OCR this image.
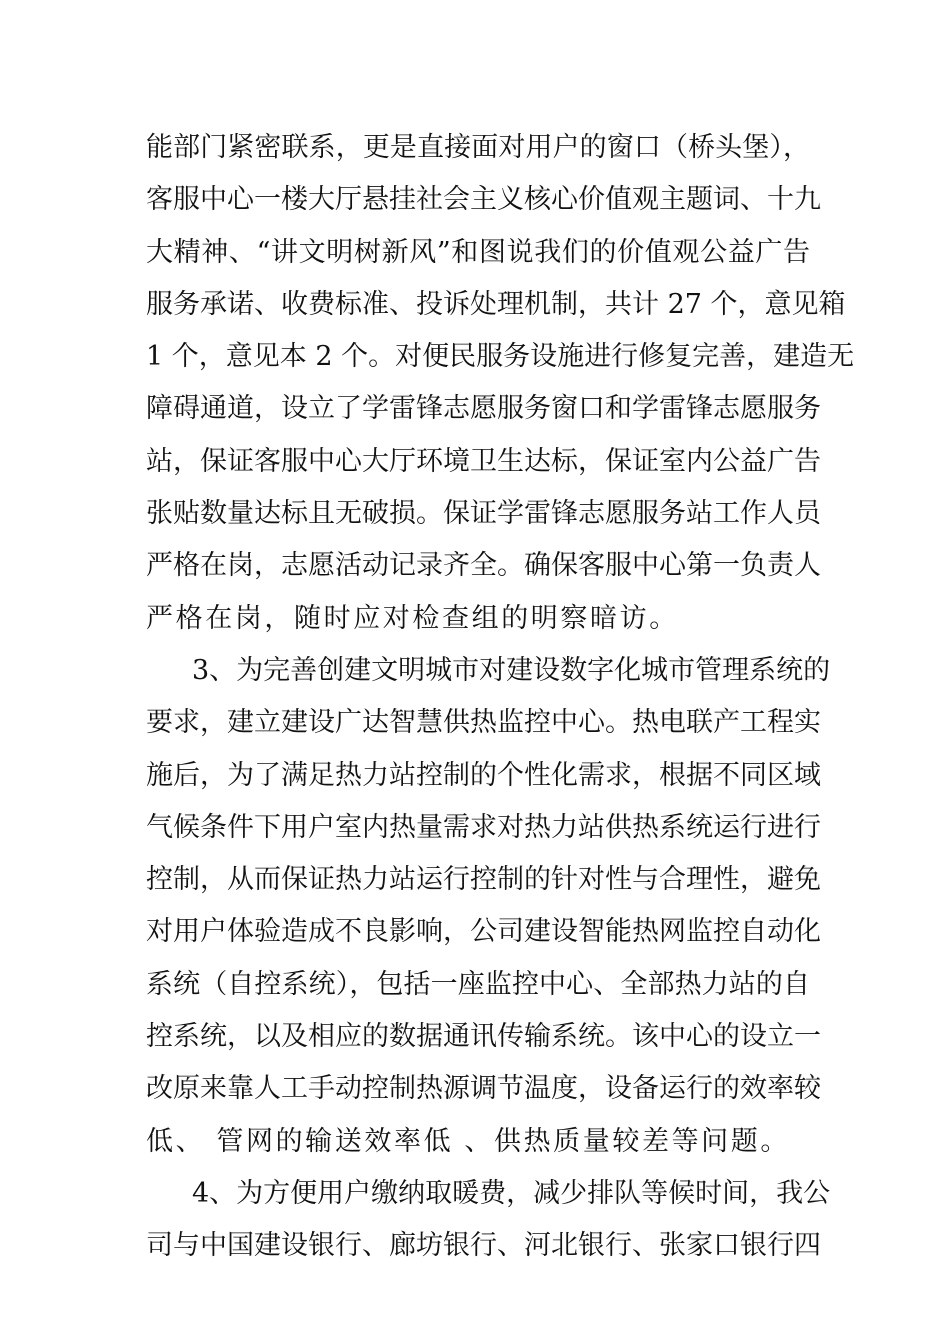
能部门紧密联系，更是直接面对用户的窗口（桥头堡），
客服中心一楼大厅悬挂社会主义核心价值观主题词、十九
大精神、“讲文明树新风”和图说我们的价值观公益广告
服务承诺、收费标准、投诉处理机制，共计 27 个，意见箱
1 个，意见本 2 个。对便民服务设施进行修复完善，建造无
障碍通道，设立了学雷锋志愿服务窗口和学雷锋志愿服务
站，保证客服中心大厅环境卫生达标，保证室内公益广告
张贴数量达标且无破损。保证学雷锋志愿服务站工作人员
严格在岗，志愿活动记录齐全。确保客服中心第一负责人
严格在岗，随时应对检查组的明察暗访。
3、为完善创建文明城市对建设数字化城市管理系统的
要求，建立建设广达智慧供热监控中心。热电联产工程实
施后，为了满足热力站控制的个性化需求，根据不同区域
气候条件下用户室内热量需求对热力站供热系统运行进行
控制，从而保证热力站运行控制的针对性与合理性，避免
对用户体验造成不良影响，公司建设智能热网监控自动化
系统（自控系统），包括一座监控中心、全部热力站的自
控系统，以及相应的数据通讯传输系统。该中心的设立一
改原来靠人工手动控制热源调节温度，设备运行的效率较
低、 管网的输送效率低 、供热质量较差等问题。
4、为方便用户缴纳取暖费，减少排队等候时间，我公
司与中国建设银行、廊坊银行、河北银行、张家口银行四
